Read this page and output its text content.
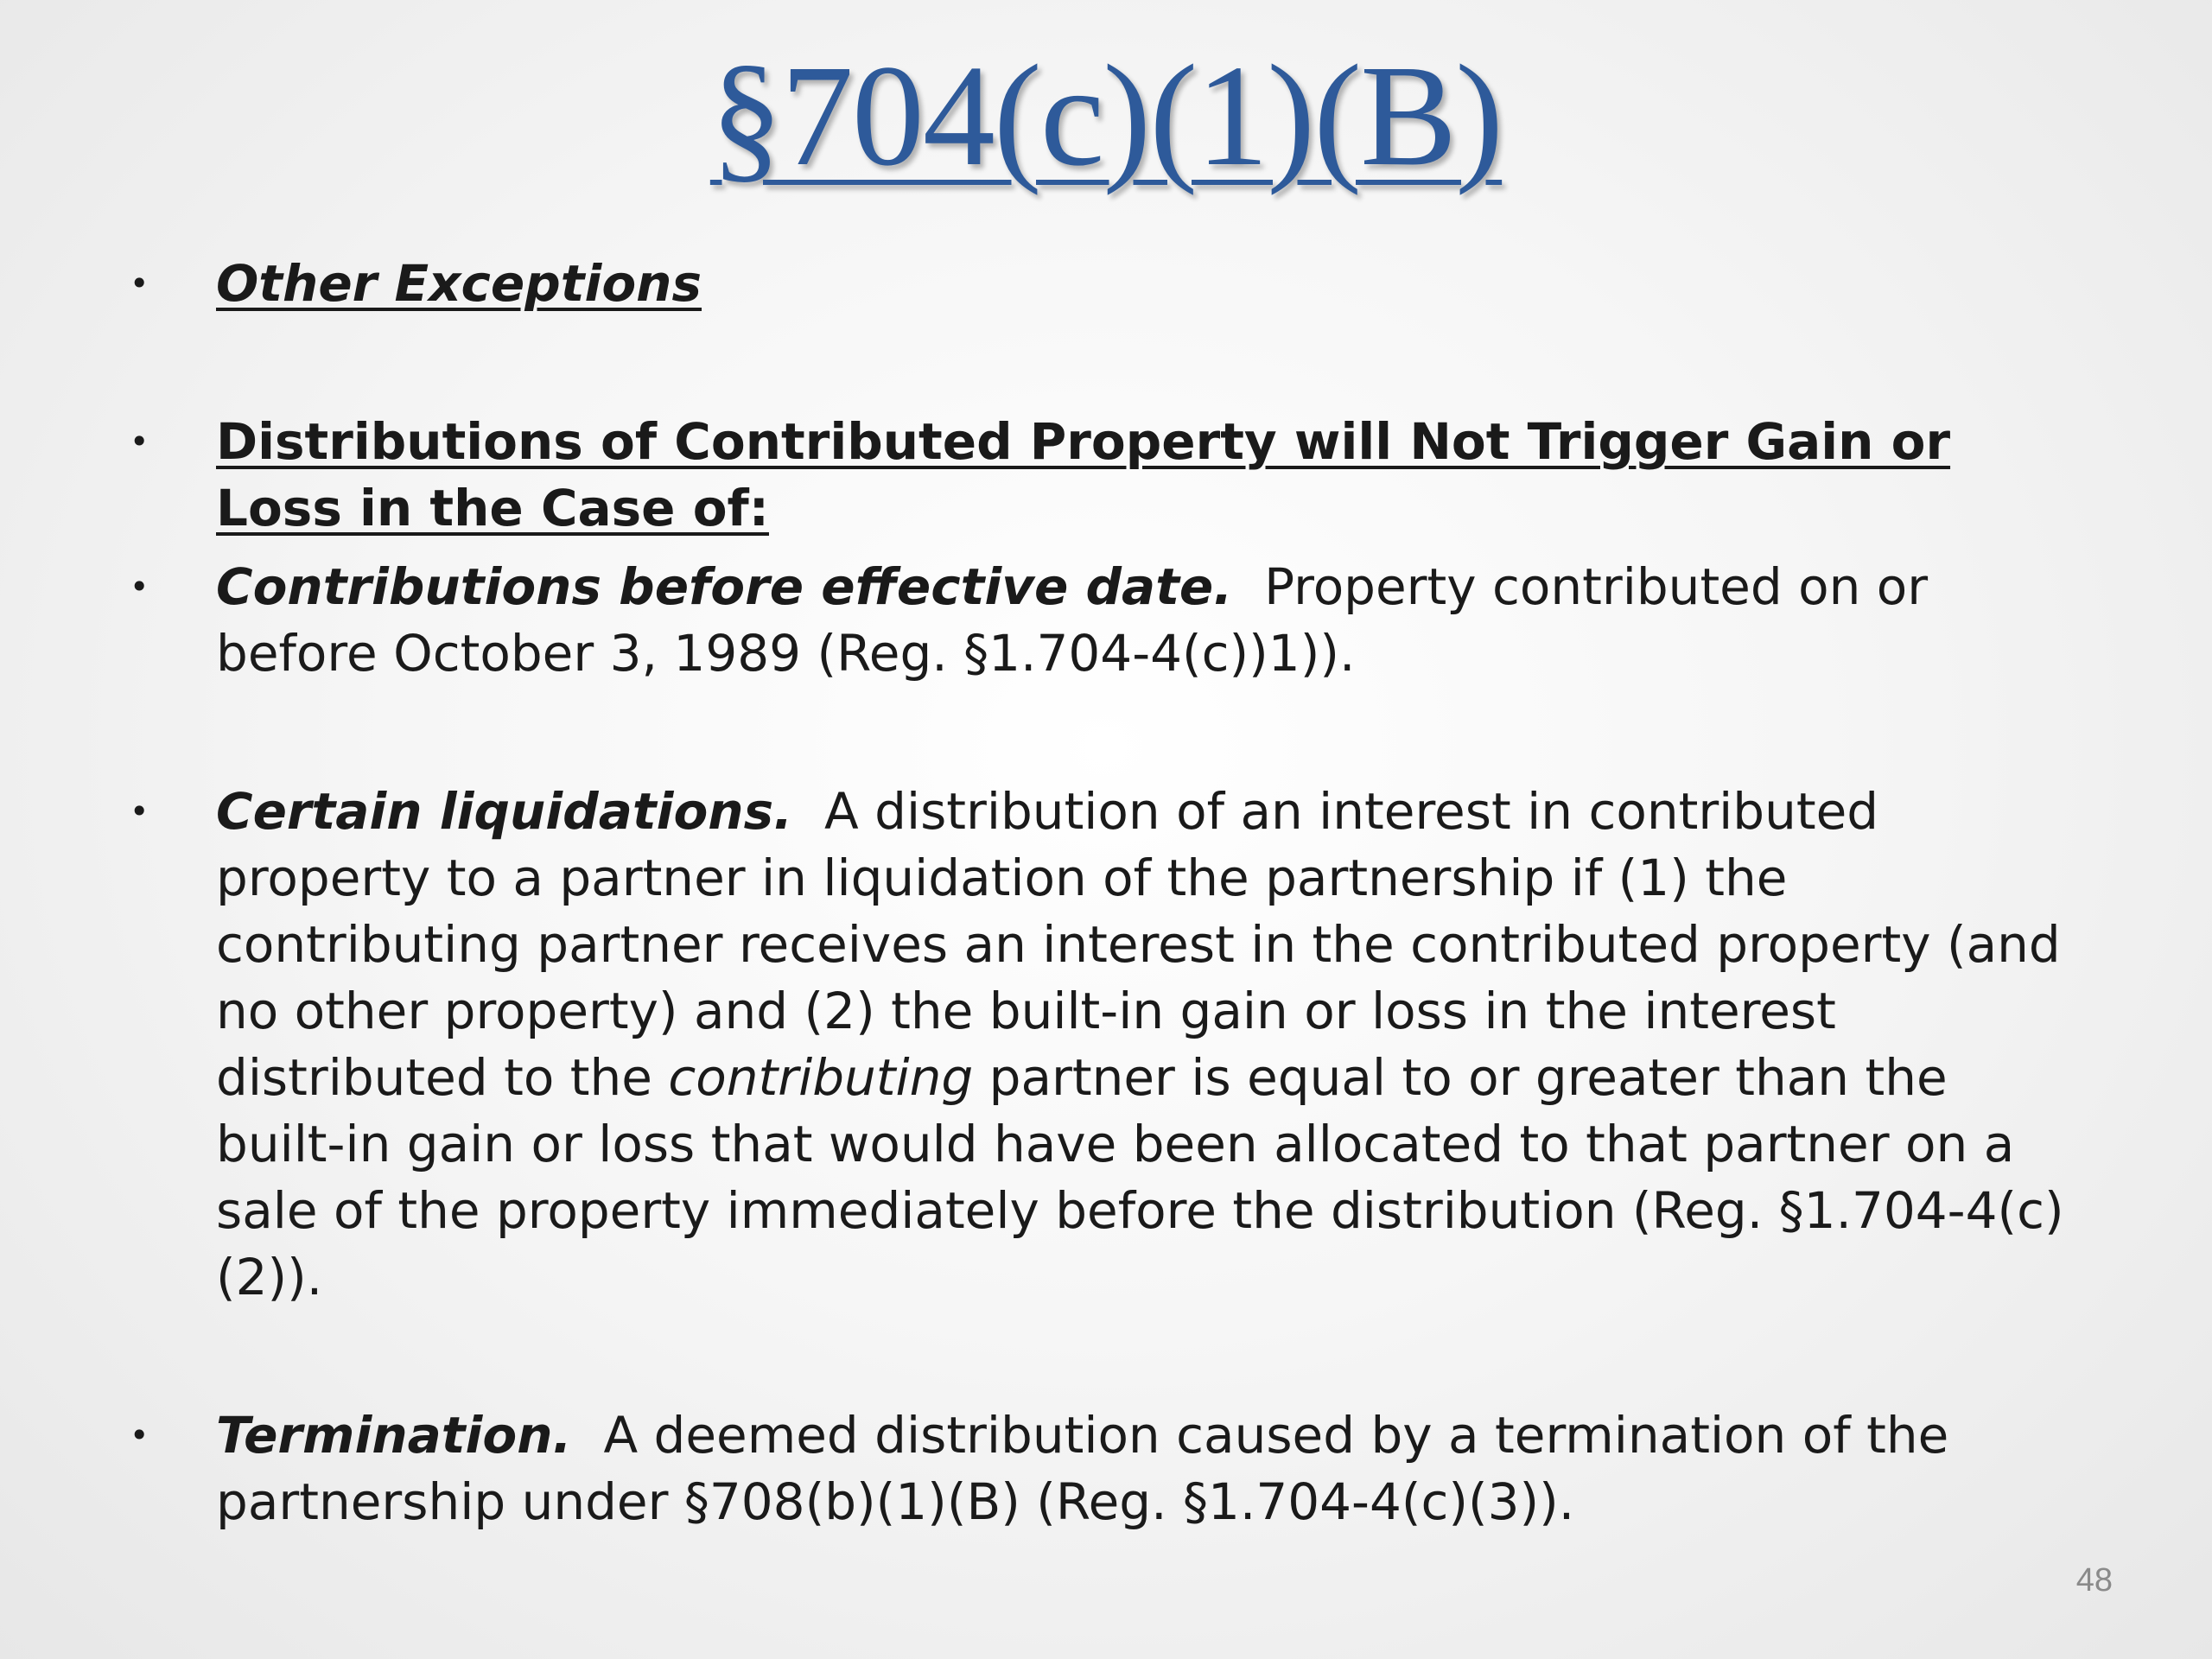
§704(c)(1)(B)
• Other Exceptions
• Distributions of Contributed Property will Not Trigger Gain or Loss in the Case of:
• Contributions before effective date. Property contributed on or before October 3, 1989 (Reg. §1.704-4(c))1)).
• Certain liquidations. A distribution of an interest in contributed property to a partner in liquidation of the partnership if (1) the contributing partner receives an interest in the contributed property (and no other property) and (2) the built-in gain or loss in the interest distributed to the contributing partner is equal to or greater than the built-in gain or loss that would have been allocated to that partner on a sale of the property immediately before the distribution (Reg. §1.704-4(c)(2)).
• Termination. A deemed distribution caused by a termination of the partnership under §708(b)(1)(B) (Reg. §1.704-4(c)(3)).
48
